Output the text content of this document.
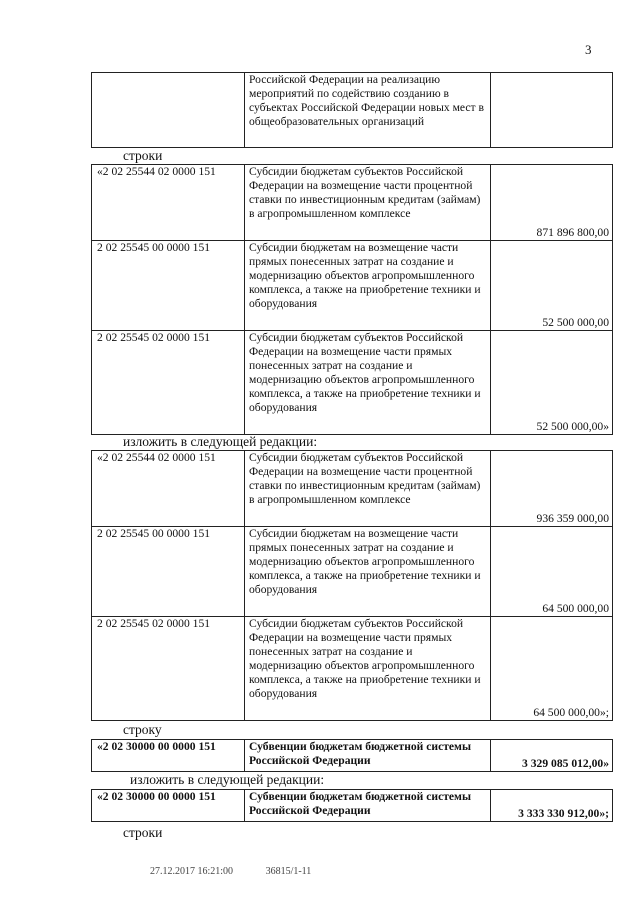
3
	Российской Федерации на реализацию мероприятий по содействию созданию в субъектах Российской Федерации новых мест в общеобразовательных организаций	
строки
«2 02 25544 02 0000 151	Субсидии бюджетам субъектов Российской Федерации на возмещение части процентной ставки по инвестиционным кредитам (займам) в агропромышленном комплексе	871 896 800,00
2 02 25545 00 0000 151	Субсидии бюджетам на возмещение части прямых понесенных затрат на создание и модернизацию объектов агропромышленного комплекса, а также на приобретение техники и оборудования	52 500 000,00
2 02 25545 02 0000 151	Субсидии бюджетам субъектов Российской Федерации на возмещение части прямых понесенных затрат на создание и модернизацию объектов агропромышленного комплекса, а также на приобретение техники и оборудования	52 500 000,00»
изложить в следующей редакции:
«2 02 25544 02 0000 151	Субсидии бюджетам субъектов Российской Федерации на возмещение части процентной ставки по инвестиционным кредитам (займам) в агропромышленном комплексе	936 359 000,00
2 02 25545 00 0000 151	Субсидии бюджетам на возмещение части прямых понесенных затрат на создание и модернизацию объектов агропромышленного комплекса, а также на приобретение техники и оборудования	64 500 000,00
2 02 25545 02 0000 151	Субсидии бюджетам субъектов Российской Федерации на возмещение части прямых понесенных затрат на создание и модернизацию объектов агропромышленного комплекса, а также на приобретение техники и оборудования	64 500 000,00»;
строку
«2 02 30000 00 0000 151	Субвенции бюджетам бюджетной системы Российской Федерации	3 329 085 012,00»
изложить в следующей редакции:
«2 02 30000 00 0000 151	Субвенции бюджетам бюджетной системы Российской Федерации	3 333 330 912,00»;
строки
27.12.2017 16:21:00	36815/1-11
